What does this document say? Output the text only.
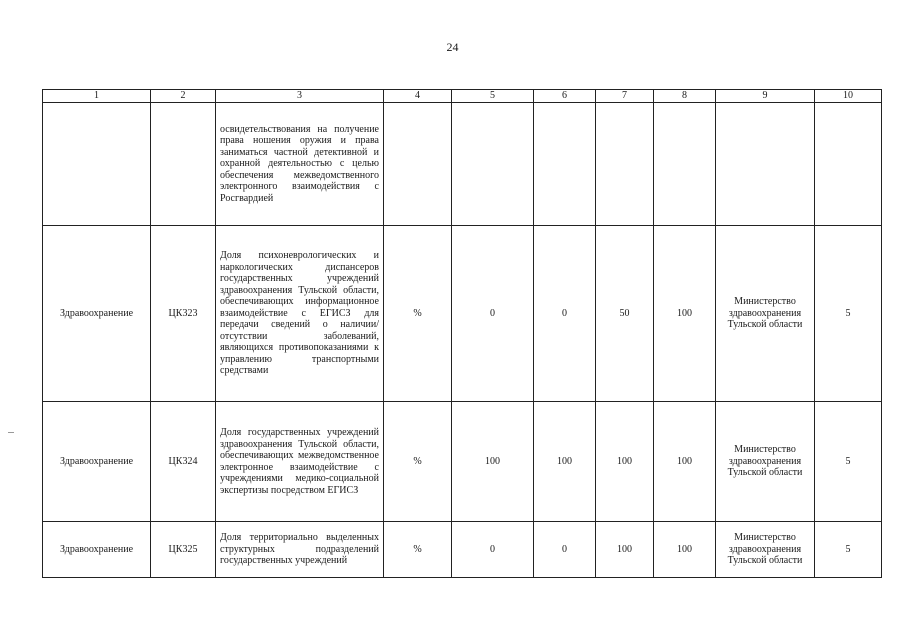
24
1	2	3	4	5	6	7	8	9	10
		освидетельствования на получение права ношения оружия и права заниматься частной детективной и охранной деятельностью с целью обеспечения межведомственного электронного взаимодействия с Росгвардией							
Здравоохранение	ЦК323	Доля психоневрологических и наркологических диспансеров государственных учреждений здравоохранения Тульской области, обеспечивающих информационное взаимодействие с ЕГИСЗ для передачи сведений о наличии/отсутствии заболеваний, являющихся противопоказаниями к управлению транспортными средствами	%	0	0	50	100	Министерство здравоохранения Тульской области	5
Здравоохранение	ЦК324	Доля государственных учреждений здравоохранения Тульской области, обеспечивающих межведомственное электронное взаимодействие с учреждениями медико-социальной экспертизы посредством ЕГИСЗ	%	100	100	100	100	Министерство здравоохранения Тульской области	5
Здравоохранение	ЦК325	Доля территориально выделенных структурных подразделений государственных учреждений	%	0	0	100	100	Министерство здравоохранения Тульской области	5
